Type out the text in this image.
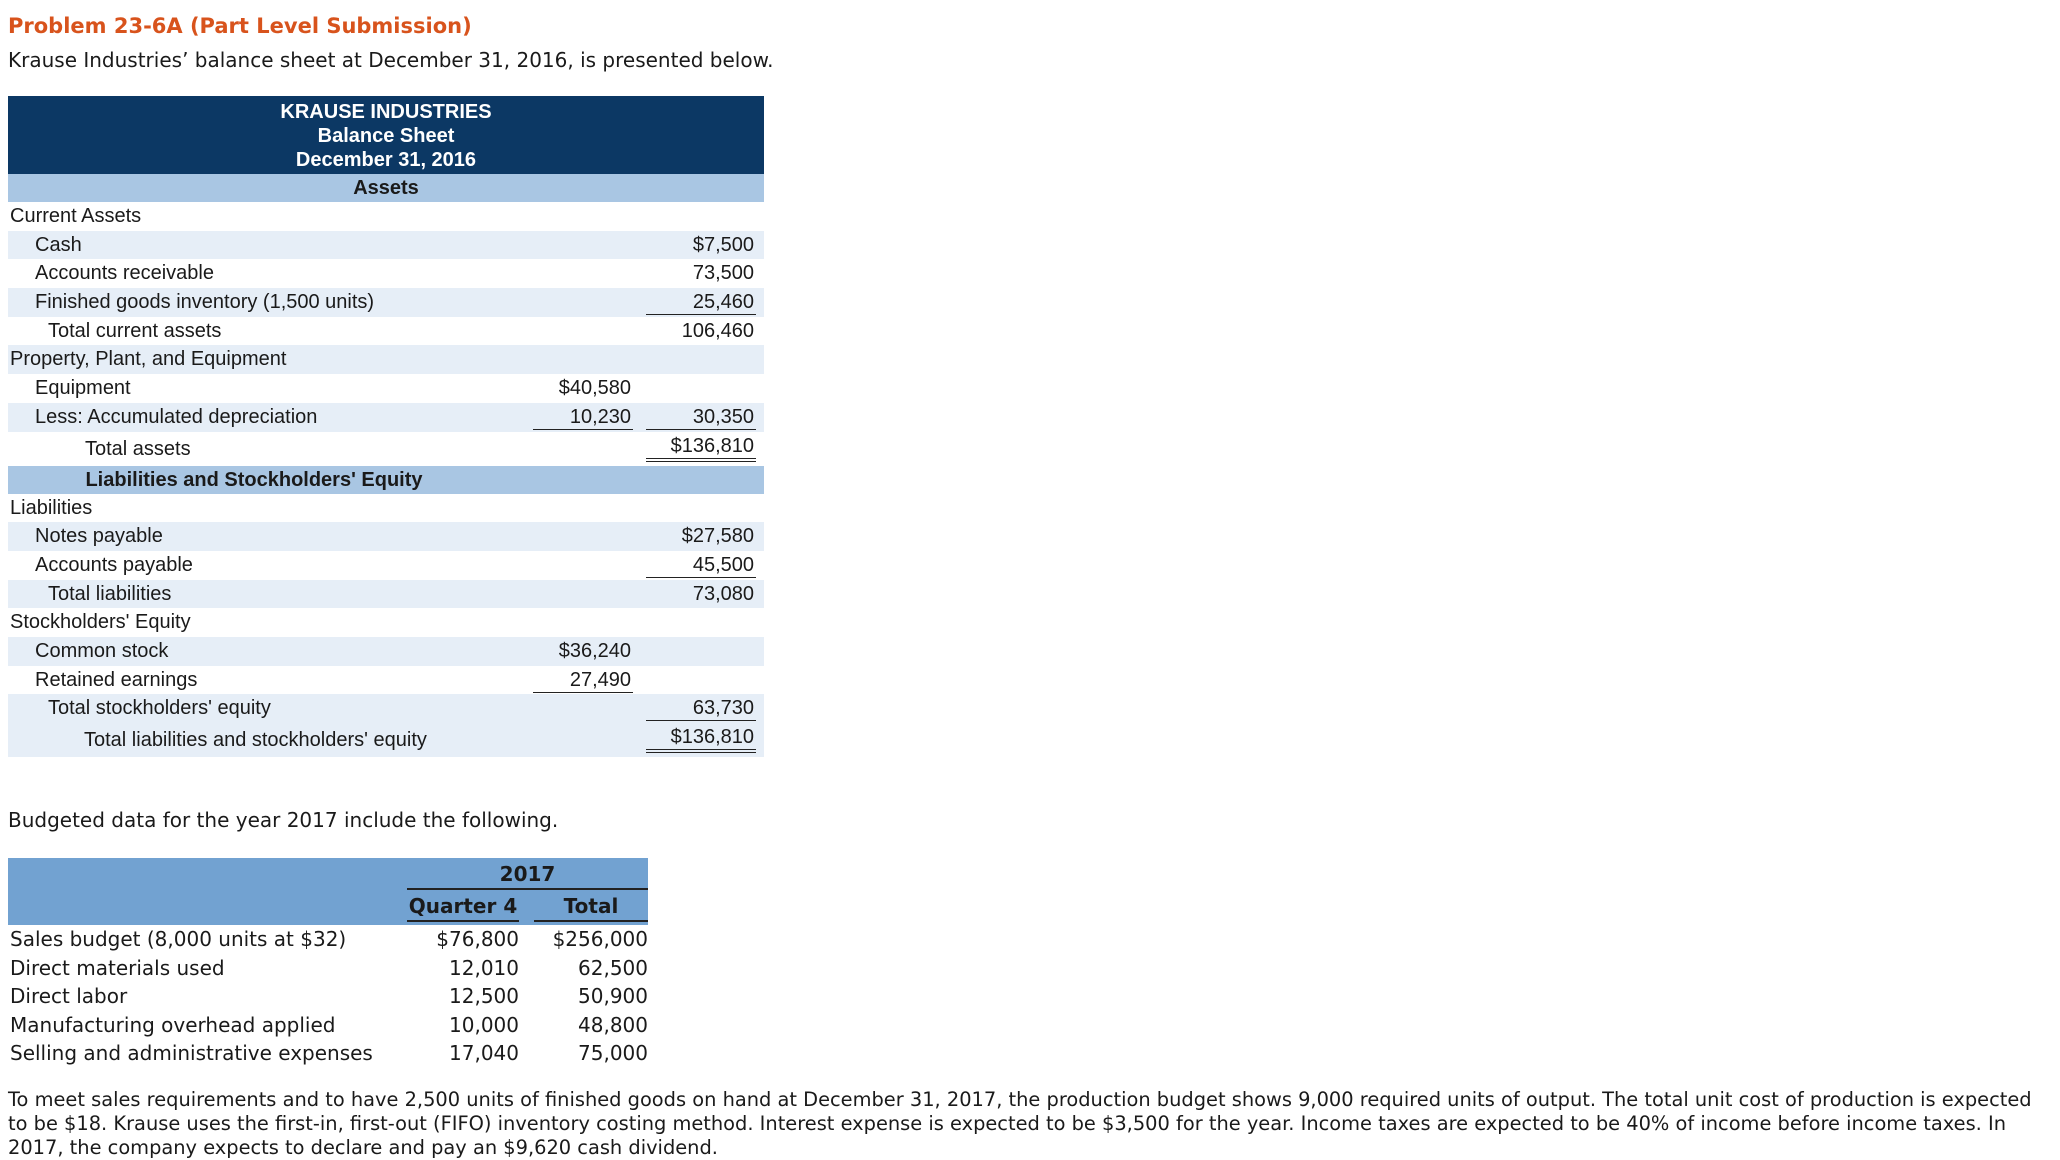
Problem 23-6A (Part Level Submission)
Krause Industries’ balance sheet at December 31, 2016, is presented below.
KRAUSE INDUSTRIES
Balance Sheet
December 31, 2016
Assets
Current Assets
Cash	$7,500
Accounts receivable	73,500
Finished goods inventory (1,500 units)	25,460
Total current assets	106,460
Property, Plant, and Equipment
Equipment	$40,580
Less: Accumulated depreciation	10,230	30,350
Total assets	$136,810
Liabilities and Stockholders' Equity
Liabilities
Notes payable	$27,580
Accounts payable	45,500
Total liabilities	73,080
Stockholders' Equity
Common stock	$36,240
Retained earnings	27,490
Total stockholders' equity	63,730
Total liabilities and stockholders' equity	$136,810
Budgeted data for the year 2017 include the following.
2017
Quarter 4	Total
Sales budget (8,000 units at $32)	$76,800	$256,000
Direct materials used	12,010	62,500
Direct labor	12,500	50,900
Manufacturing overhead applied	10,000	48,800
Selling and administrative expenses	17,040	75,000
To meet sales requirements and to have 2,500 units of finished goods on hand at December 31, 2017, the production budget shows 9,000 required units of output. The total unit cost of production is expected to be $18. Krause uses the first-in, first-out (FIFO) inventory costing method. Interest expense is expected to be $3,500 for the year. Income taxes are expected to be 40% of income before income taxes. In 2017, the company expects to declare and pay an $9,620 cash dividend.
